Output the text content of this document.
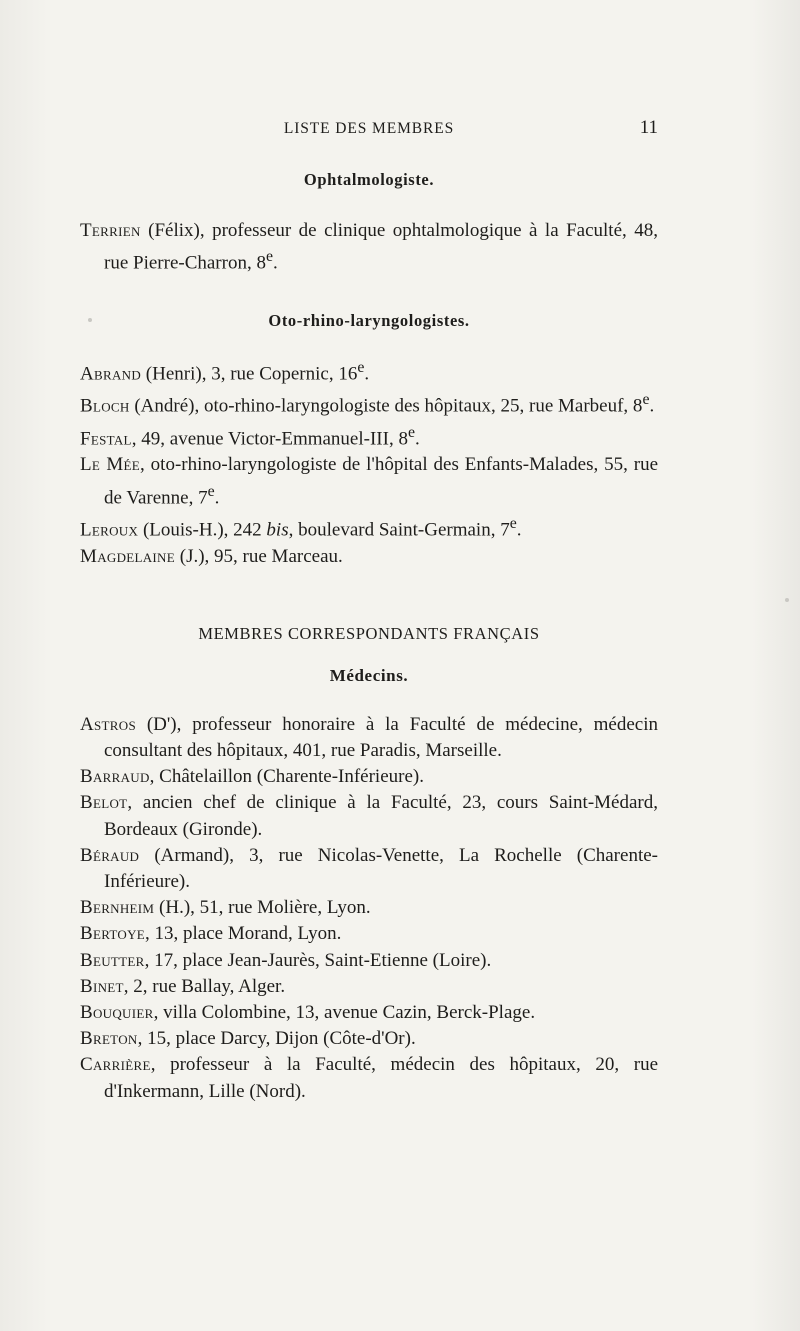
LISTE DES MEMBRES	11
Ophtalmologiste.

Terrien (Félix), professeur de clinique ophtalmologique à la Faculté, 48, rue Pierre-Charron, 8e.

Oto-rhino-laryngologistes.

Abrand (Henri), 3, rue Copernic, 16e.

Bloch (André), oto-rhino-laryngologiste des hôpitaux, 25, rue Marbeuf, 8e.

Festal, 49, avenue Victor-Emmanuel-III, 8e.

Le Mée, oto-rhino-laryngologiste de l'hôpital des Enfants-Malades, 55, rue de Varenne, 7e.

Leroux (Louis-H.), 242 bis, boulevard Saint-Germain, 7e.

Magdelaine (J.), 95, rue Marceau.

MEMBRES CORRESPONDANTS FRANÇAIS
Médecins.

Astros (D'), professeur honoraire à la Faculté de médecine, médecin consultant des hôpitaux, 401, rue Paradis, Marseille.

Barraud, Châtelaillon (Charente-Inférieure).

Belot, ancien chef de clinique à la Faculté, 23, cours Saint-Médard, Bordeaux (Gironde).

Béraud (Armand), 3, rue Nicolas-Venette, La Rochelle (Charente-Inférieure).

Bernheim (H.), 51, rue Molière, Lyon.

Bertoye, 13, place Morand, Lyon.

Beutter, 17, place Jean-Jaurès, Saint-Etienne (Loire).

Binet, 2, rue Ballay, Alger.

Bouquier, villa Colombine, 13, avenue Cazin, Berck-Plage.

Breton, 15, place Darcy, Dijon (Côte-d'Or).

Carrière, professeur à la Faculté, médecin des hôpitaux, 20, rue d'Inkermann, Lille (Nord).
